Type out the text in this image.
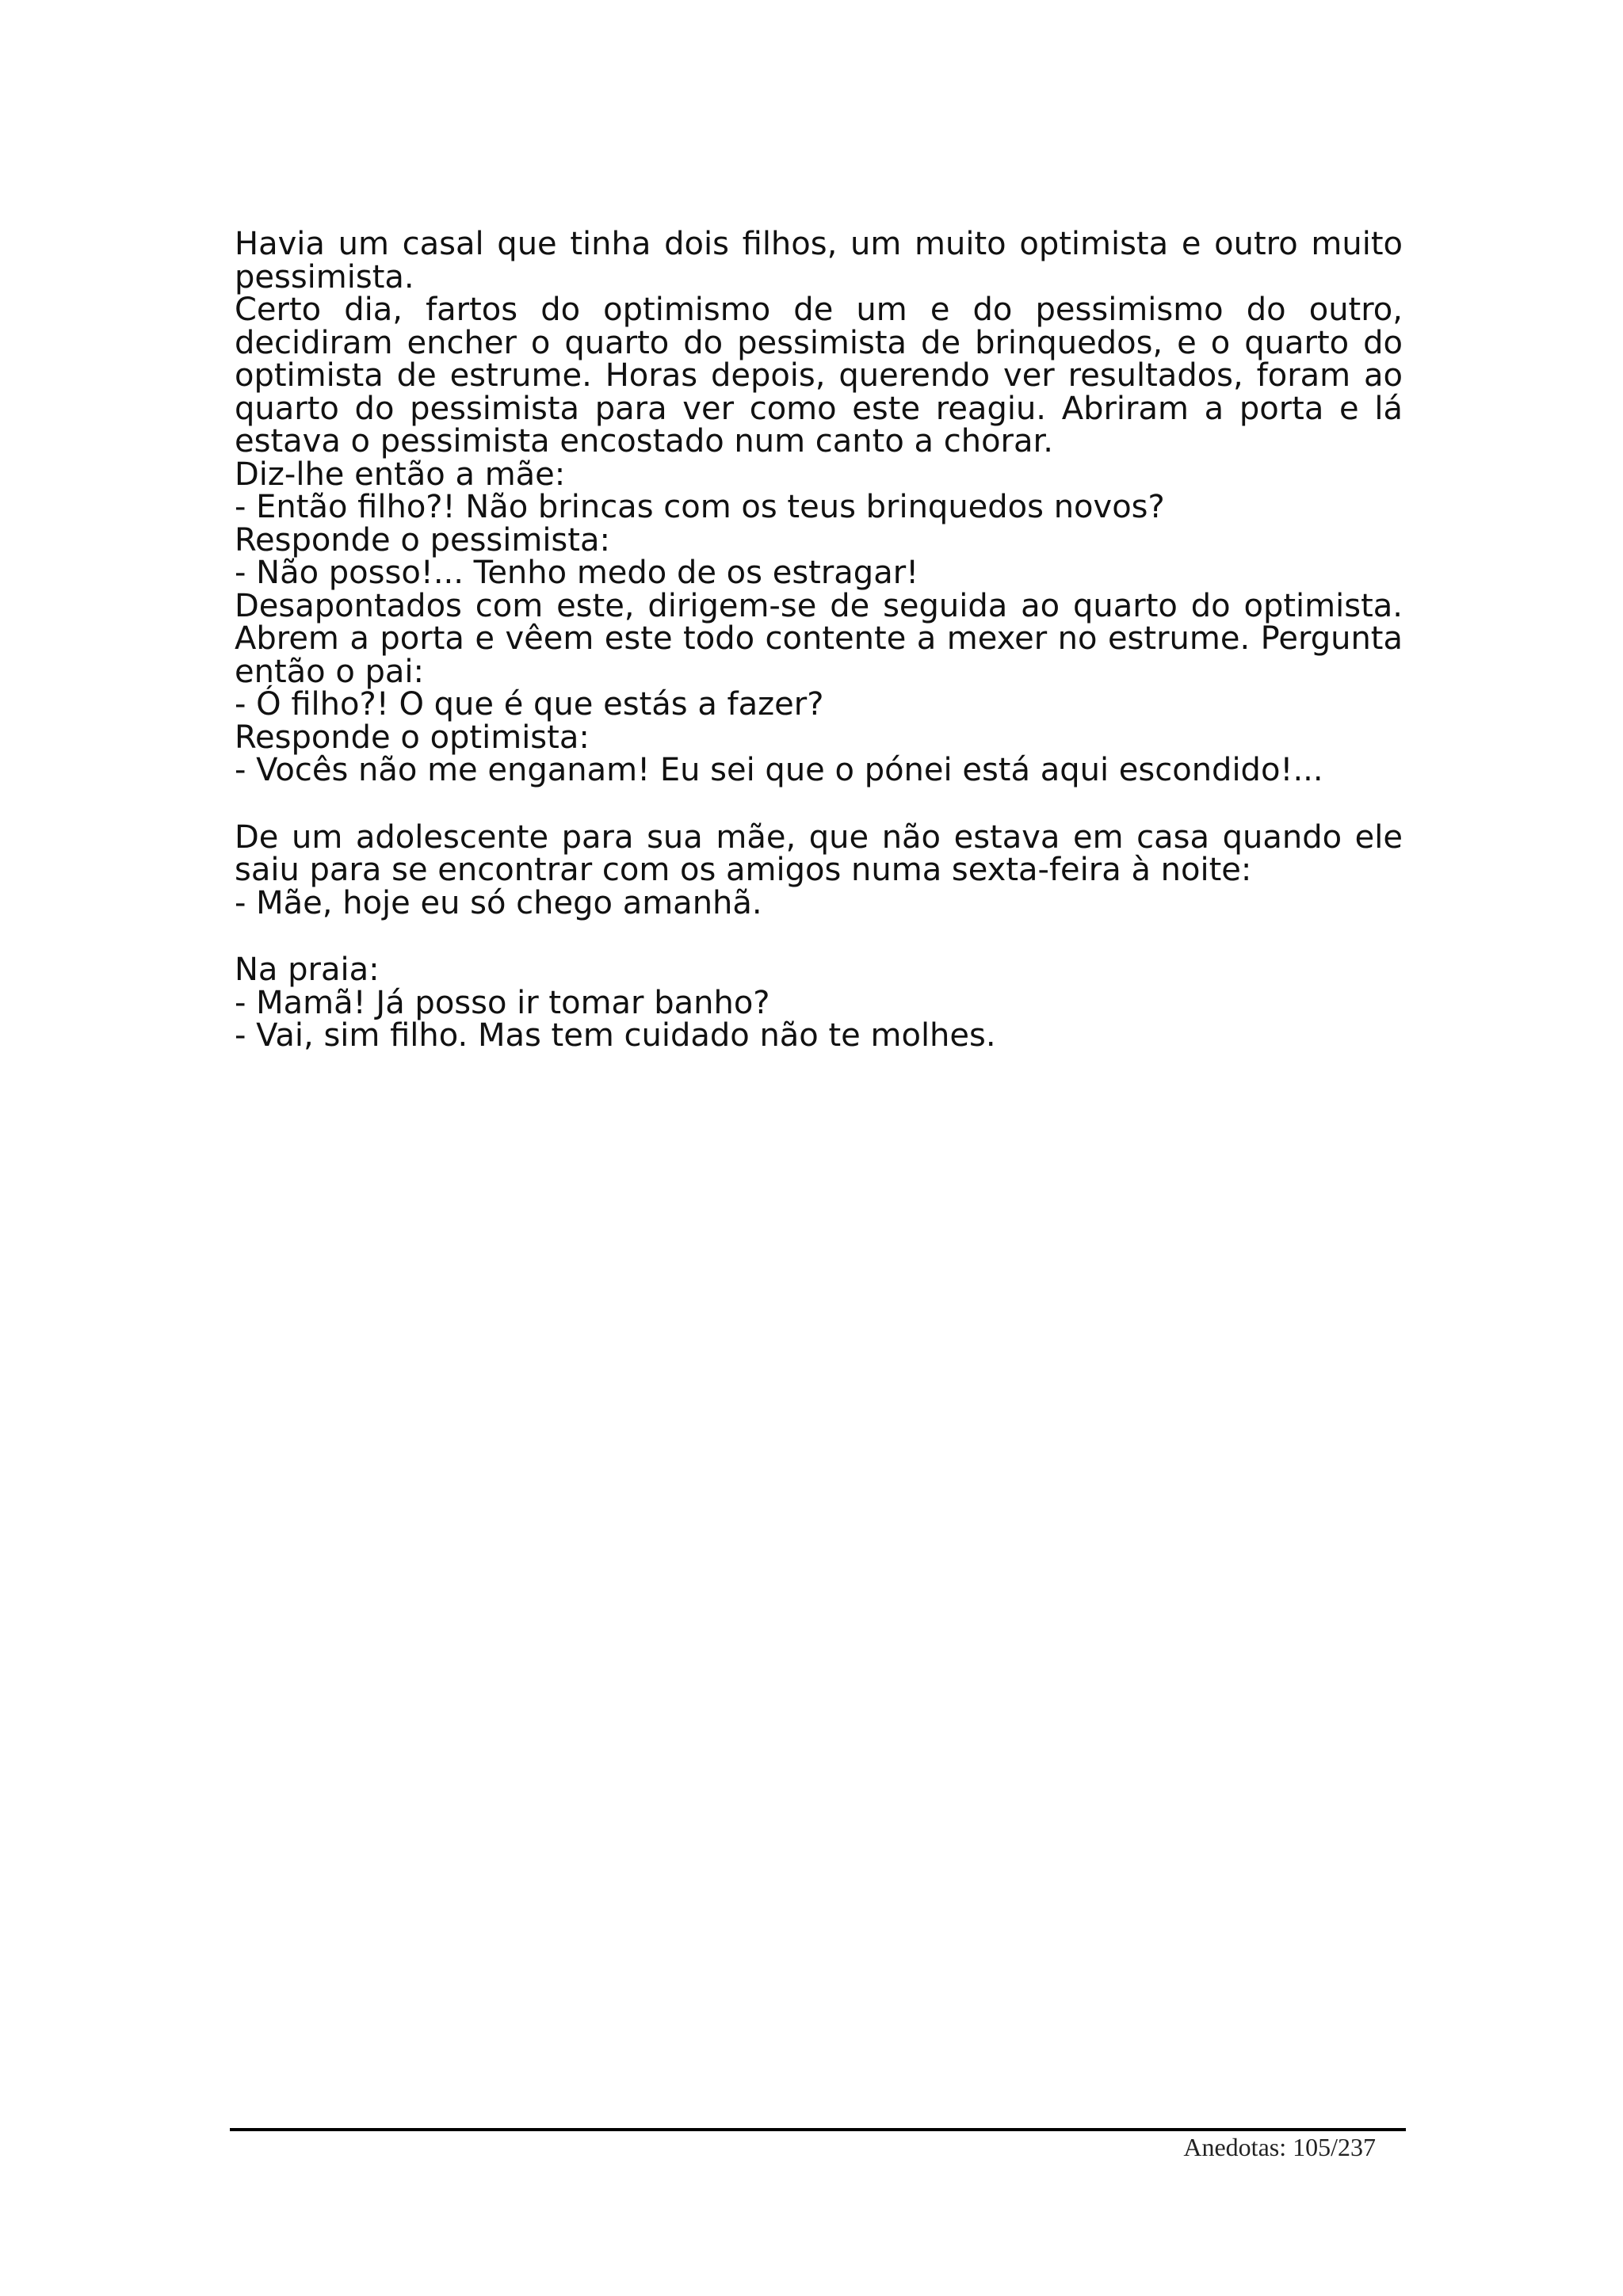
Havia um casal que tinha dois filhos, um muito optimista e outro muito pessimista.

Certo dia, fartos do optimismo de um e do pessimismo do outro, decidiram encher o quarto do pessimista de brinquedos, e o quarto do optimista de estrume. Horas depois, querendo ver resultados, foram ao quarto do pessimista para ver como este reagiu. Abriram a porta e lá estava o pessimista encostado num canto a chorar.

Diz-lhe então a mãe:

- Então filho?! Não brincas com os teus brinquedos novos?

Responde o pessimista:

- Não posso!... Tenho medo de os estragar!

Desapontados com este, dirigem-se de seguida ao quarto do optimista. Abrem a porta e vêem este todo contente a mexer no estrume. Pergunta então o pai:

- Ó filho?! O que é que estás a fazer?

Responde o optimista:

- Vocês não me enganam! Eu sei que o pónei está aqui escondido!...

De um adolescente para sua mãe, que não estava em casa quando ele saiu para se encontrar com os amigos numa sexta-feira à noite:

- Mãe, hoje eu só chego amanhã.

Na praia:

- Mamã! Já posso ir tomar banho?

- Vai, sim filho. Mas tem cuidado não te molhes.

Anedotas: 105/237
